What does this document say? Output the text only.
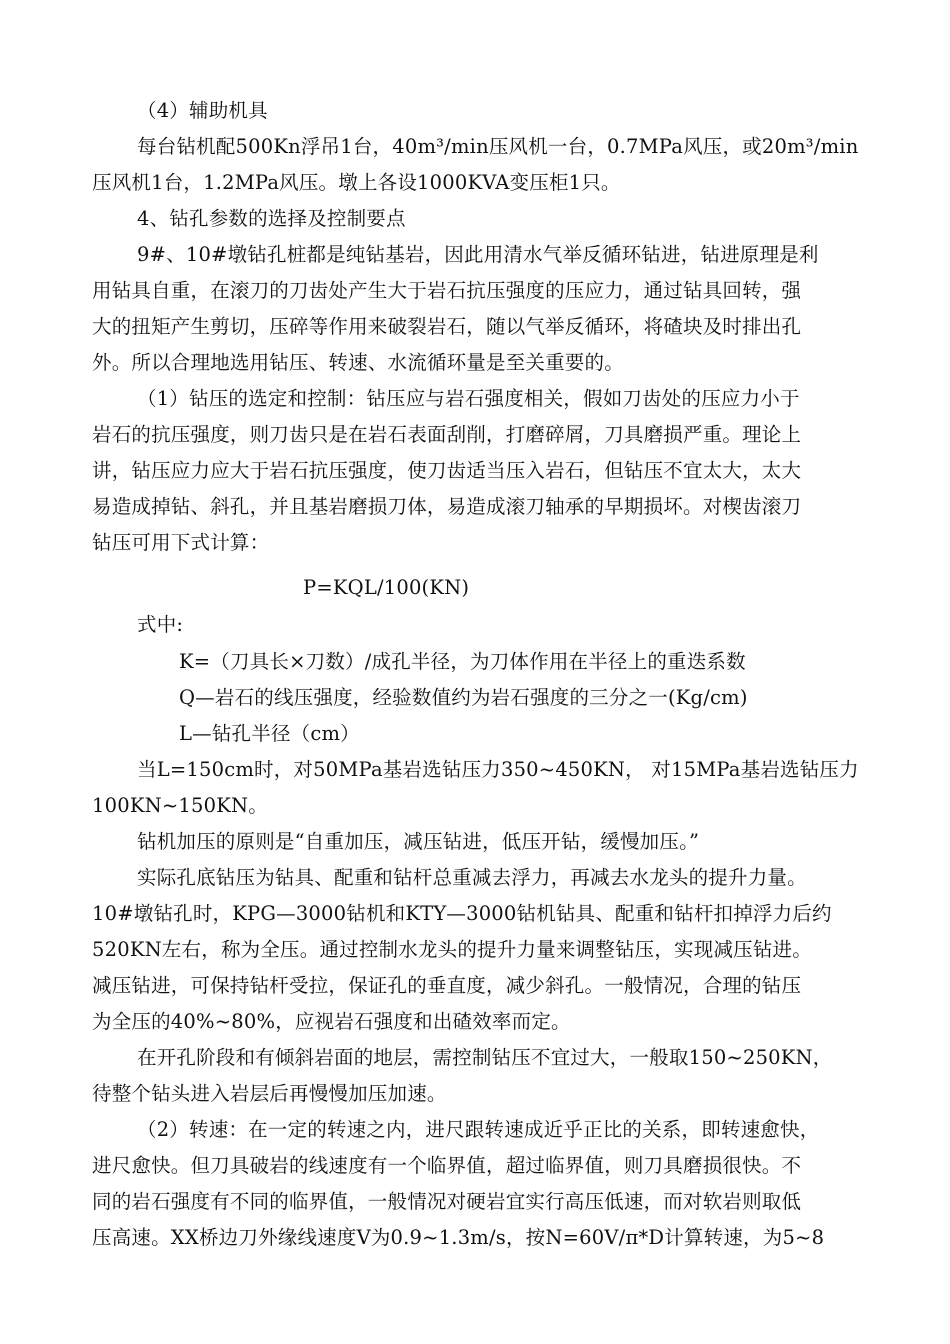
（4）辅助机具
每台钻机配500Kn浮吊1台，40m³/min压风机一台，0.7MPa风压，或20m³/min
压风机1台，1.2MPa风压。墩上各设1000KVA变压柜1只。
4、钻孔参数的选择及控制要点
9#、10#墩钻孔桩都是纯钻基岩，因此用清水气举反循环钻进，钻进原理是利
用钻具自重，在滚刀的刀齿处产生大于岩石抗压强度的压应力，通过钻具回转，强
大的扭矩产生剪切，压碎等作用来破裂岩石，随以气举反循环，将碴块及时排出孔
外。所以合理地选用钻压、转速、水流循环量是至关重要的。
（1）钻压的选定和控制：钻压应与岩石强度相关，假如刀齿处的压应力小于
岩石的抗压强度，则刀齿只是在岩石表面刮削，打磨碎屑，刀具磨损严重。理论上
讲，钻压应力应大于岩石抗压强度，使刀齿适当压入岩石，但钻压不宜太大，太大
易造成掉钻、斜孔，并且基岩磨损刀体，易造成滚刀轴承的早期损坏。对楔齿滚刀
钻压可用下式计算：
P=KQL/100(KN)
式中:
K=（刀具长×刀数）/成孔半径，为刀体作用在半径上的重迭系数
Q—岩石的线压强度，经验数值约为岩石强度的三分之一(Kg/cm)
L—钻孔半径（cm）
当L=150cm时，对50MPa基岩选钻压力350~450KN， 对15MPa基岩选钻压力
100KN~150KN。
钻机加压的原则是“自重加压，减压钻进，低压开钻，缓慢加压。”
实际孔底钻压为钻具、配重和钻杆总重减去浮力，再减去水龙头的提升力量。
10#墩钻孔时，KPG—3000钻机和KTY—3000钻机钻具、配重和钻杆扣掉浮力后约
520KN左右，称为全压。通过控制水龙头的提升力量来调整钻压，实现减压钻进。
减压钻进，可保持钻杆受拉，保证孔的垂直度，减少斜孔。一般情况，合理的钻压
为全压的40%~80%，应视岩石强度和出碴效率而定。
在开孔阶段和有倾斜岩面的地层，需控制钻压不宜过大，一般取150~250KN，
待整个钻头进入岩层后再慢慢加压加速。
（2）转速：在一定的转速之内，进尺跟转速成近乎正比的关系，即转速愈快，
进尺愈快。但刀具破岩的线速度有一个临界值，超过临界值，则刀具磨损很快。不
同的岩石强度有不同的临界值，一般情况对硬岩宜实行高压低速，而对软岩则取低
压高速。XX桥边刀外缘线速度V为0.9~1.3m/s，按N=60V/π*D计算转速，为5~8
